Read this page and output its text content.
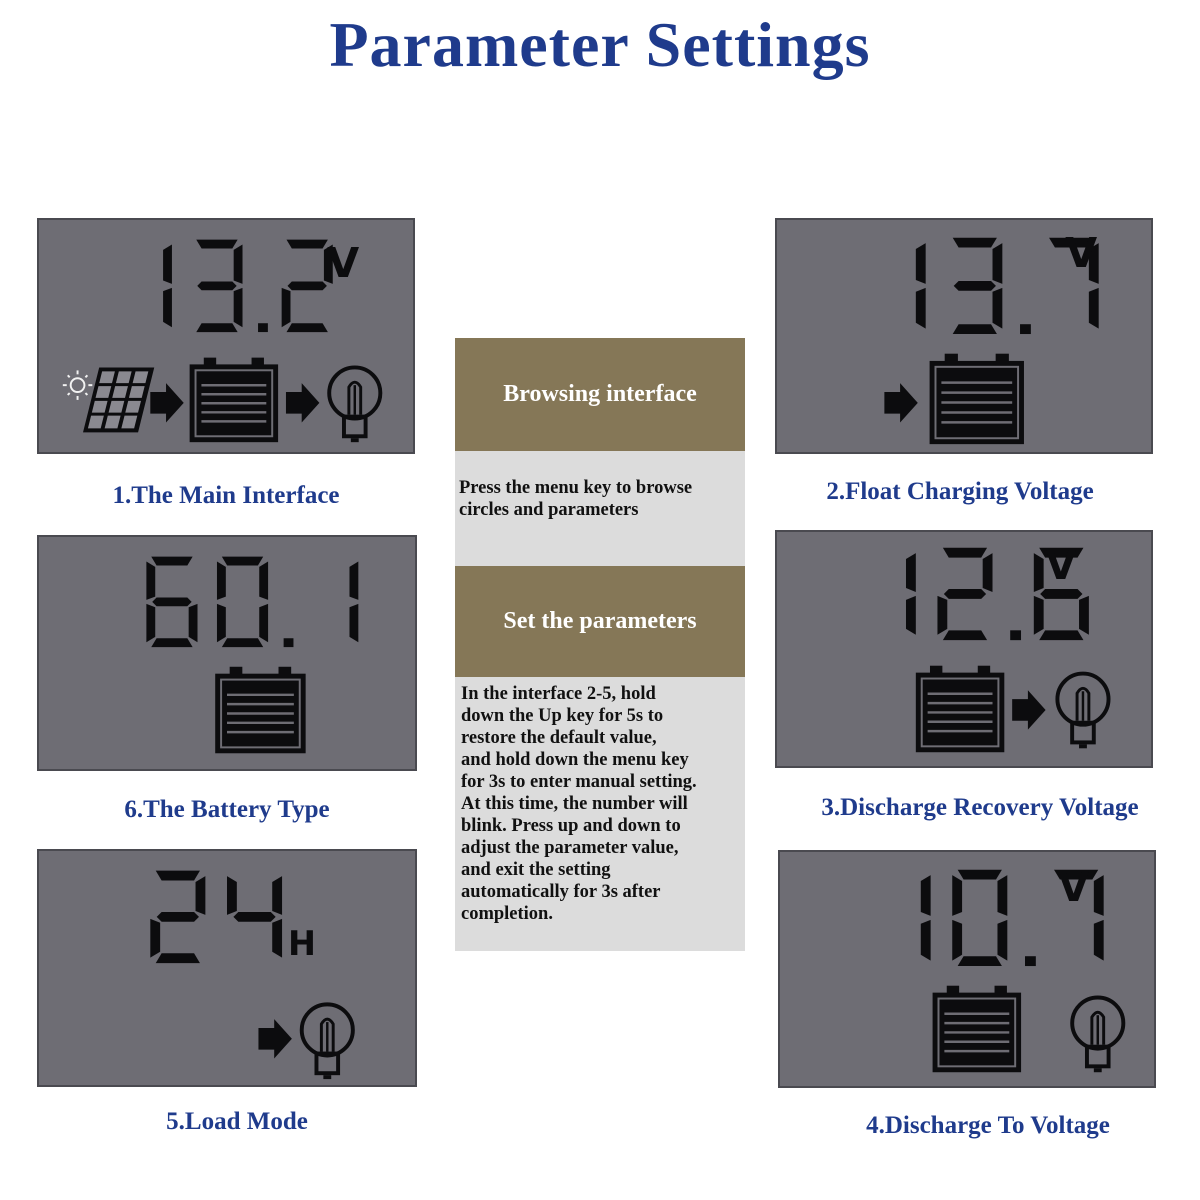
Parameter Settings
V
1.The Main Interface
6.The Battery Type
H
5.Load Mode
V
2.Float Charging Voltage
V
3.Discharge Recovery Voltage
V
4.Discharge To Voltage
Browsing interface
Press the menu key to browse
circles and parameters
Set the parameters
In the interface 2-5, hold
down the Up key for 5s to
restore the default value,
and hold down the menu key
for 3s to enter manual setting.
At this time, the number will
blink. Press up and down to
adjust the parameter value,
and exit the setting
automatically for 3s after
completion.
